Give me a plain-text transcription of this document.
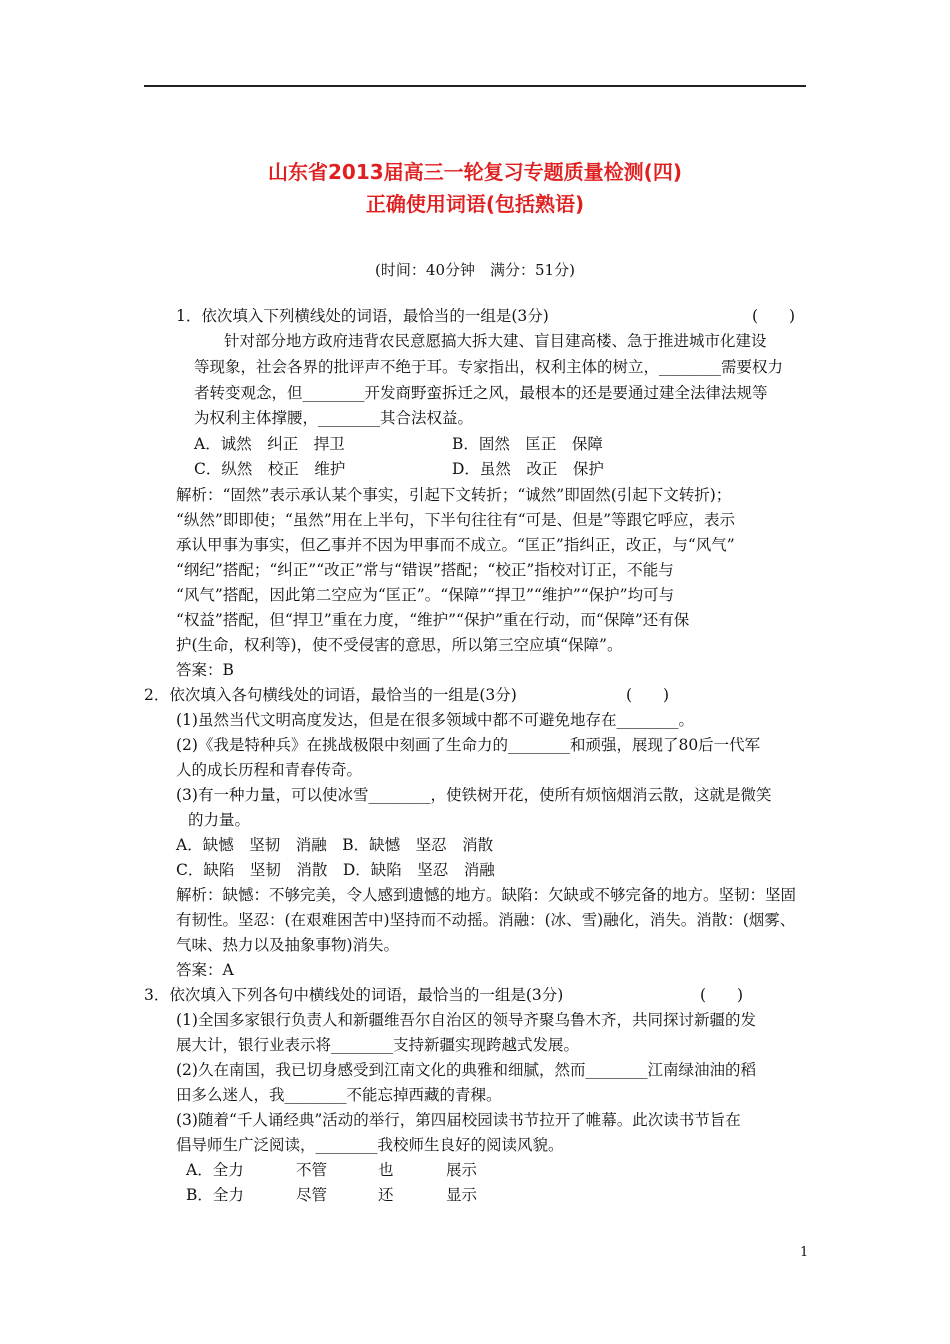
山东省2013届高三一轮复习专题质量检测(四)
正确使用词语(包括熟语)
(时间：40分钟　满分：51分)
1．依次填入下列横线处的词语，最恰当的一组是(3分)	(　　)
针对部分地方政府违背农民意愿搞大拆大建、盲目建高楼、急于推进城市化建设
等现象，社会各界的批评声不绝于耳。专家指出，权利主体的树立，________需要权力
者转变观念，但________开发商野蛮拆迁之风，最根本的还是要通过建全法律法规等
为权利主体撑腰，________其合法权益。
A．诚然　纠正　捍卫	B．固然　匡正　保障
C．纵然　校正　维护	D．虽然　改正　保护
解析：“固然”表示承认某个事实，引起下文转折；“诚然”即固然(引起下文转折)；
“纵然”即即使；“虽然”用在上半句，下半句往往有“可是、但是”等跟它呼应，表示
承认甲事为事实，但乙事并不因为甲事而不成立。“匡正”指纠正，改正，与“风气”
“纲纪”搭配；“纠正”“改正”常与“错误”搭配；“校正”指校对订正，不能与
“风气”搭配，因此第二空应为“匡正”。“保障”“捍卫”“维护”“保护”均可与
“权益”搭配，但“捍卫”重在力度，“维护”“保护”重在行动，而“保障”还有保
护(生命，权利等)，使不受侵害的意思，所以第三空应填“保障”。
答案：B
2．依次填入各句横线处的词语，最恰当的一组是(3分)	(　　)
(1)虽然当代文明高度发达，但是在很多领域中都不可避免地存在________。
(2)《我是特种兵》在挑战极限中刻画了生命力的________和顽强，展现了80后一代军
人的成长历程和青春传奇。
(3)有一种力量，可以使冰雪________，使铁树开花，使所有烦恼烟消云散，这就是微笑
的力量。
A．缺憾　坚韧　消融　B．缺憾　坚忍　消散
C．缺陷　坚韧　消散　D．缺陷　坚忍　消融
解析：缺憾：不够完美，令人感到遗憾的地方。缺陷：欠缺或不够完备的地方。坚韧：坚固
有韧性。坚忍：(在艰难困苦中)坚持而不动摇。消融：(冰、雪)融化，消失。消散：(烟雾、
气味、热力以及抽象事物)消失。
答案：A
3．依次填入下列各句中横线处的词语，最恰当的一组是(3分)	(　　)
(1)全国多家银行负责人和新疆维吾尔自治区的领导齐聚乌鲁木齐，共同探讨新疆的发
展大计，银行业表示将________支持新疆实现跨越式发展。
(2)久在南国，我已切身感受到江南文化的典雅和细腻，然而________江南绿油油的稻
田多么迷人，我________不能忘掉西藏的青稞。
(3)随着“千人诵经典”活动的举行，第四届校园读书节拉开了帷幕。此次读书节旨在
倡导师生广泛阅读，________我校师生良好的阅读风貌。
A．全力	不管	也	展示
B．全力	尽管	还	显示
1
